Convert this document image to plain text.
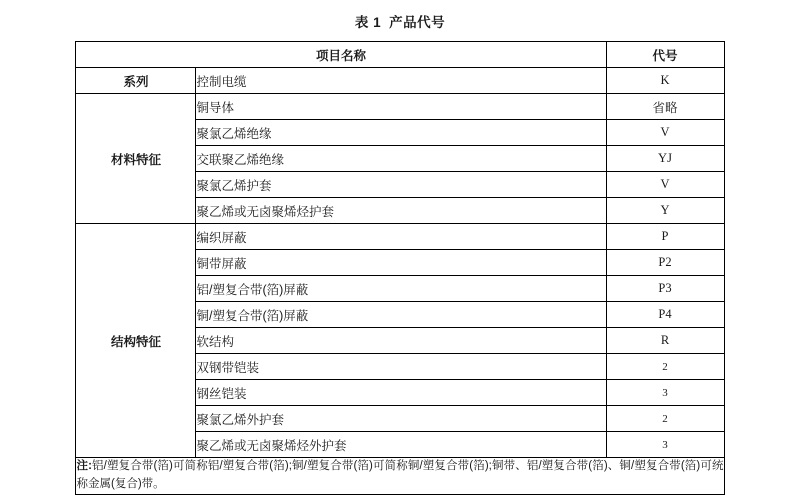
表 1 产品代号
项目名称		代号
系列	控制电缆	K
材料特征	铜导体	省略
	聚氯乙烯绝缘	V
	交联聚乙烯绝缘	YJ
	聚氯乙烯护套	V
	聚乙烯或无卤聚烯烃护套	Y
结构特征	编织屏蔽	P
	铜带屏蔽	P2
	铝/塑复合带(箔)屏蔽	P3
	铜/塑复合带(箔)屏蔽	P4
	软结构	R
	双钢带铠装	2
	钢丝铠装	3
	聚氯乙烯外护套	2
	聚乙烯或无卤聚烯烃外护套	3

注:铝/塑复合带(箔)可简称铝/塑复合带(箔);铜/塑复合带(箔)可简称铜/塑复合带(箔);铜带、铝/塑复合带(箔)、铜/塑复合带(箔)可统称金属(复合)带。		
